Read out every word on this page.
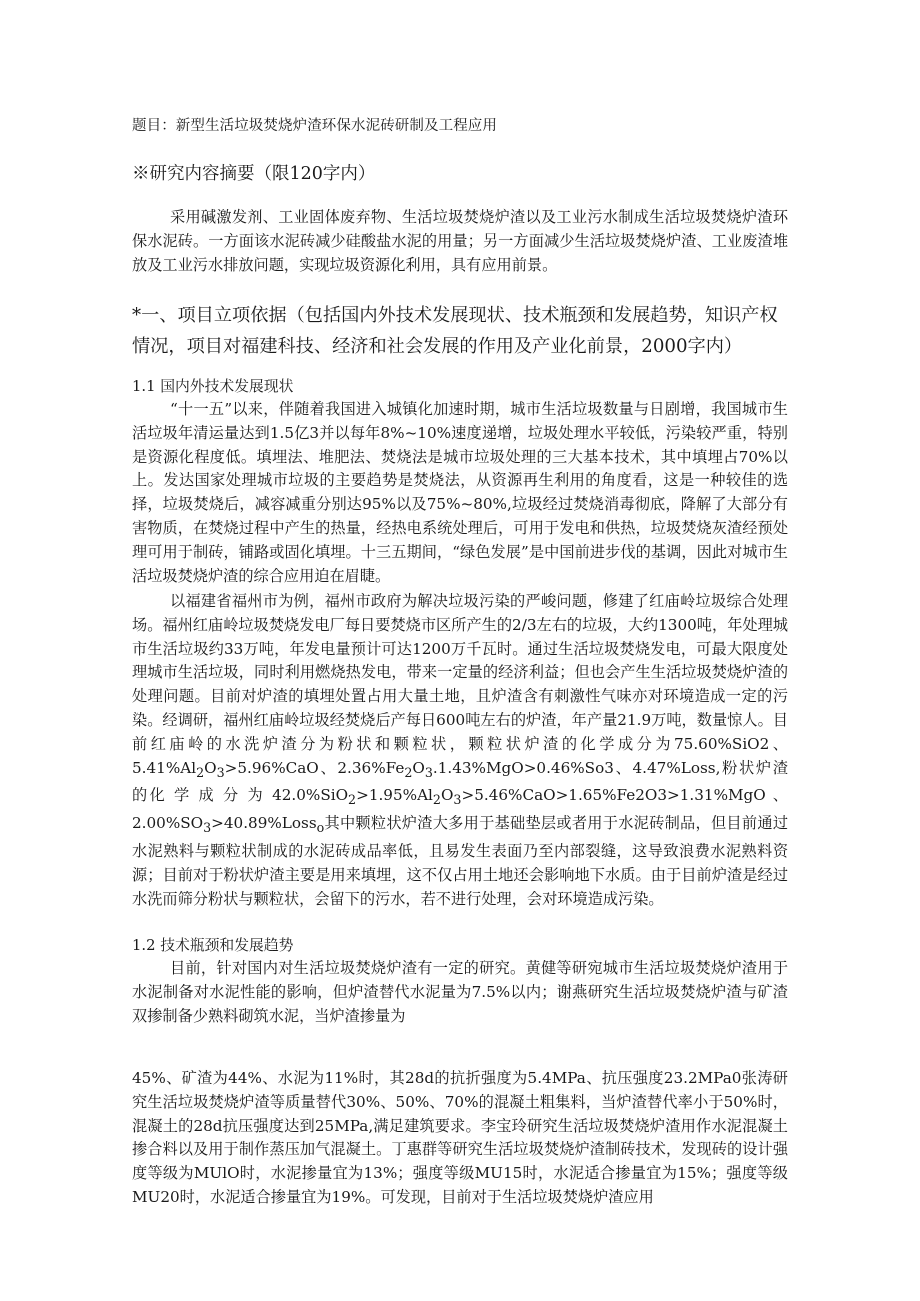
题目：新型生活垃圾焚烧炉渣环保水泥砖研制及工程应用

※研究内容摘要（限120字内）

采用碱激发剂、工业固体废弃物、生活垃圾焚烧炉渣以及工业污水制成生活垃圾焚烧炉渣环保水泥砖。一方面该水泥砖减少硅酸盐水泥的用量；另一方面减少生活垃圾焚烧炉渣、工业废渣堆放及工业污水排放问题，实现垃圾资源化利用，具有应用前景。

*一、项目立项依据（包括国内外技术发展现状、技术瓶颈和发展趋势，知识产权情况，项目对福建科技、经济和社会发展的作用及产业化前景，2000字内）

1.1 国内外技术发展现状

“十一五”以来，伴随着我国进入城镇化加速时期，城市生活垃圾数量与日剧增，我国城市生活垃圾年清运量达到1.5亿3并以每年8%~10%速度递增，垃圾处理水平较低，污染较严重，特别是资源化程度低。填埋法、堆肥法、焚烧法是城市垃圾处理的三大基本技术，其中填埋占70%以上。发达国家处理城市垃圾的主要趋势是焚烧法，从资源再生利用的角度看，这是一种较佳的选择，垃圾焚烧后，减容减重分别达95%以及75%~80%,垃圾经过焚烧消毒彻底，降解了大部分有害物质，在焚烧过程中产生的热量，经热电系统处理后，可用于发电和供热，垃圾焚烧灰渣经预处理可用于制砖，铺路或固化填埋。十三五期间，“绿色发展”是中国前进步伐的基调，因此对城市生活垃圾焚烧炉渣的综合应用迫在眉睫。

以福建省福州市为例，福州市政府为解决垃圾污染的严峻问题，修建了红庙岭垃圾综合处理场。福州红庙岭垃圾焚烧发电厂每日要焚烧市区所产生的2/3左右的垃圾，大约1300吨，年处理城市生活垃圾约33万吨，年发电量预计可达1200万千瓦时。通过生活垃圾焚烧发电，可最大限度处理城市生活垃圾，同时利用燃烧热发电，带来一定量的经济利益；但也会产生生活垃圾焚烧炉渣的处理问题。目前对炉渣的填埋处置占用大量土地，且炉渣含有刺激性气味亦对环境造成一定的污染。经调研，福州红庙岭垃圾经焚烧后产每日600吨左右的炉渣，年产量21.9万吨，数量惊人。目前红庙岭的水洗炉渣分为粉状和颗粒状，颗粒状炉渣的化学成分为75.60%SiO2、$5.41\%Al_2O_3>5.96\%CaO$、$2.36\%Fe_2O_3.1.43\%MgO>0.46\%So3$、4.47%Loss,粉状炉渣的化 学 成 分 为 $42.0\%SiO_2>1.95\%Al_2O_3>5.46\%CaO>1.65\%Fe2O3>1.31\%MgO$ 、$2.00\%SO_3>40.89\%Loss_o$其中颗粒状炉渣大多用于基础垫层或者用于水泥砖制品，但目前通过水泥熟料与颗粒状制成的水泥砖成品率低，且易发生表面乃至内部裂缝，这导致浪费水泥熟料资源；目前对于粉状炉渣主要是用来填埋，这不仅占用土地还会影响地下水质。由于目前炉渣是经过水洗而筛分粉状与颗粒状，会留下的污水，若不进行处理，会对环境造成污染。

1.2 技术瓶颈和发展趋势

目前，针对国内对生活垃圾焚烧炉渣有一定的研究。黄健等研宛城市生活垃圾焚烧炉渣用于水泥制备对水泥性能的影响，但炉渣替代水泥量为7.5%以内；谢燕研究生活垃圾焚烧炉渣与矿渣双掺制备少熟料砌筑水泥，当炉渣掺量为

45%、矿渣为44%、水泥为11%时，其28d的抗折强度为5.4MPa、抗压强度23.2MPa0张涛研究生活垃圾焚烧炉渣等质量替代30%、50%、70%的混凝土粗集料，当炉渣替代率小于50%时，混凝土的28d抗压强度达到25MPa,满足建筑要求。李宝玲研究生活垃圾焚烧炉渣用作水泥混凝土掺合料以及用于制作蒸压加气混凝土。丁惠群等研究生活垃圾焚烧炉渣制砖技术，发现砖的设计强度等级为MUlO时，水泥掺量宜为13%；强度等级MU15时，水泥适合掺量宜为15%；强度等级MU20时，水泥适合掺量宜为19%。可发现，目前对于生活垃圾焚烧炉渣应用
